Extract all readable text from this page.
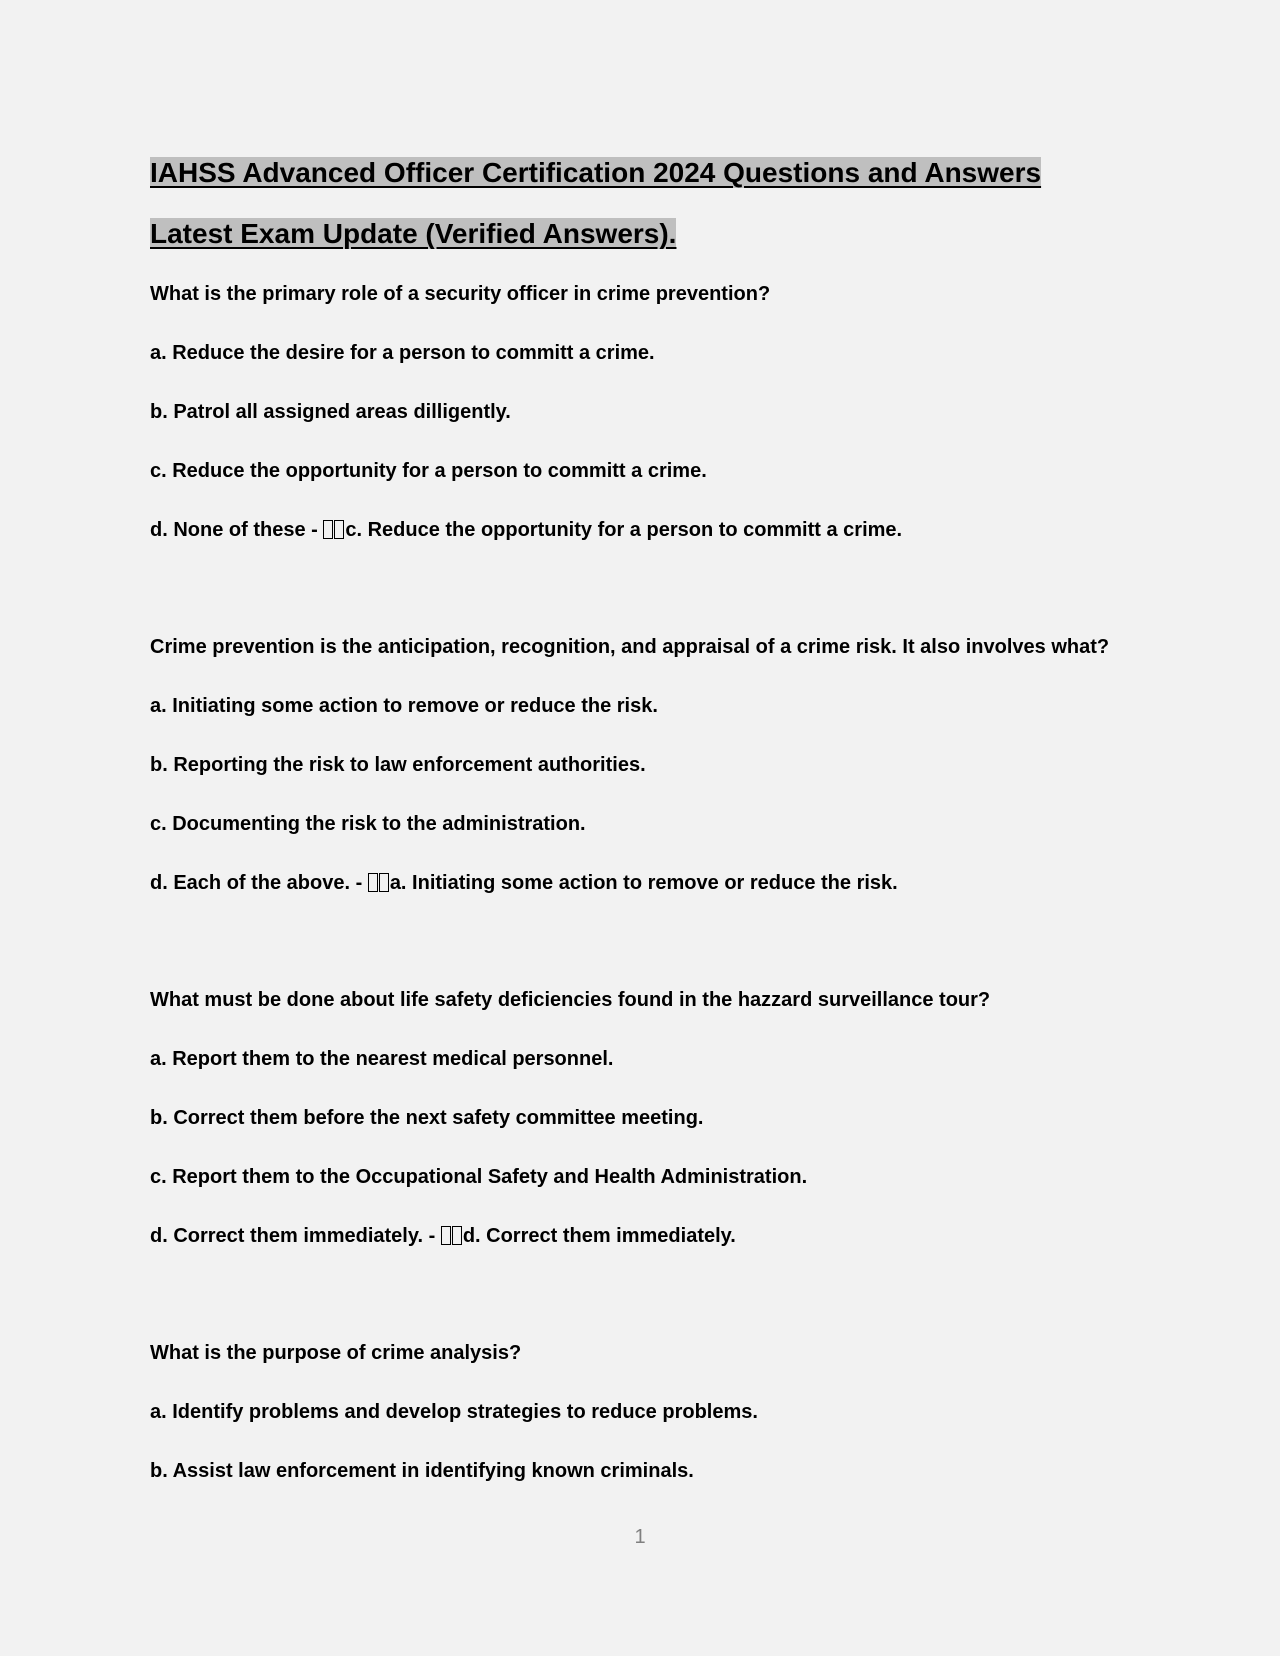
IAHSS Advanced Officer Certification 2024 Questions and Answers
Latest Exam Update (Verified Answers).
What is the primary role of a security officer in crime prevention?
a. Reduce the desire for a person to committ a crime.
b. Patrol all assigned areas dilligently.
c. Reduce the opportunity for a person to committ a crime.
d. None of these - c. Reduce the opportunity for a person to committ a crime.
Crime prevention is the anticipation, recognition, and appraisal of a crime risk. It also involves what?
a. Initiating some action to remove or reduce the risk.
b. Reporting the risk to law enforcement authorities.
c. Documenting the risk to the administration.
d. Each of the above. - a. Initiating some action to remove or reduce the risk.
What must be done about life safety deficiencies found in the hazzard surveillance tour?
a. Report them to the nearest medical personnel.
b. Correct them before the next safety committee meeting.
c. Report them to the Occupational Safety and Health Administration.
d. Correct them immediately. - d. Correct them immediately.
What is the purpose of crime analysis?
a. Identify problems and develop strategies to reduce problems.
b. Assist law enforcement in identifying known criminals.
1
